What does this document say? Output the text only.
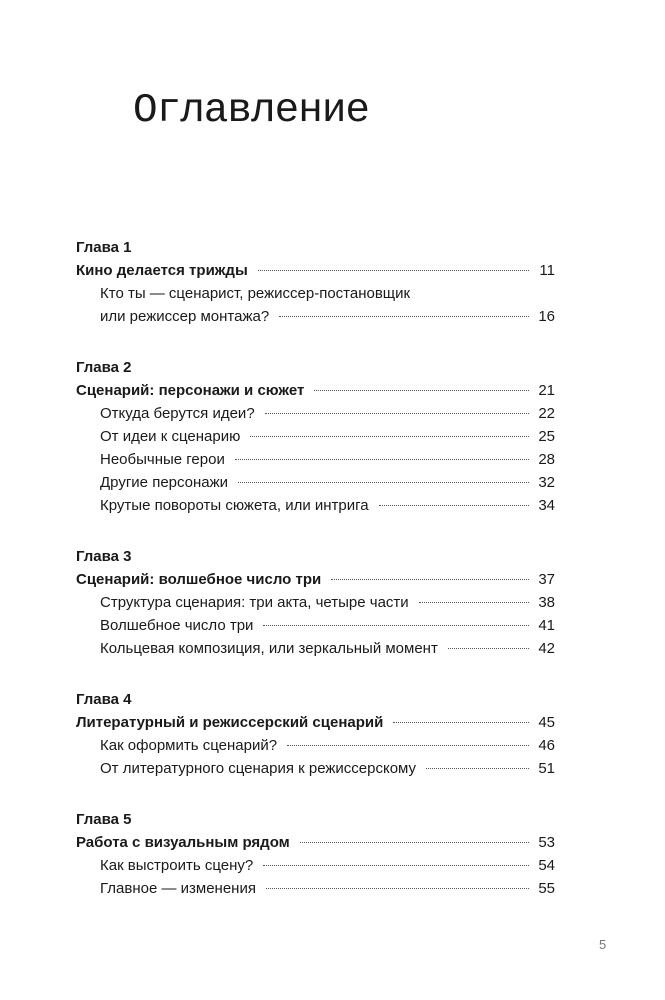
Оглавление
Глава 1
Кино делается трижды	11
Кто ты — сценарист, режиссер-постановщик
или режиссер монтажа?	16
Глава 2
Сценарий: персонажи и сюжет	21
Откуда берутся идеи?	22
От идеи к сценарию	25
Необычные герои	28
Другие персонажи	32
Крутые повороты сюжета, или интрига	34
Глава 3
Сценарий: волшебное число три	37
Структура сценария: три акта, четыре части	38
Волшебное число три	41
Кольцевая композиция, или зеркальный момент	42
Глава 4
Литературный и режиссерский сценарий	45
Как оформить сценарий?	46
От литературного сценария к режиссерскому	51
Глава 5
Работа с визуальным рядом	53
Как выстроить сцену?	54
Главное — изменения	55
5
